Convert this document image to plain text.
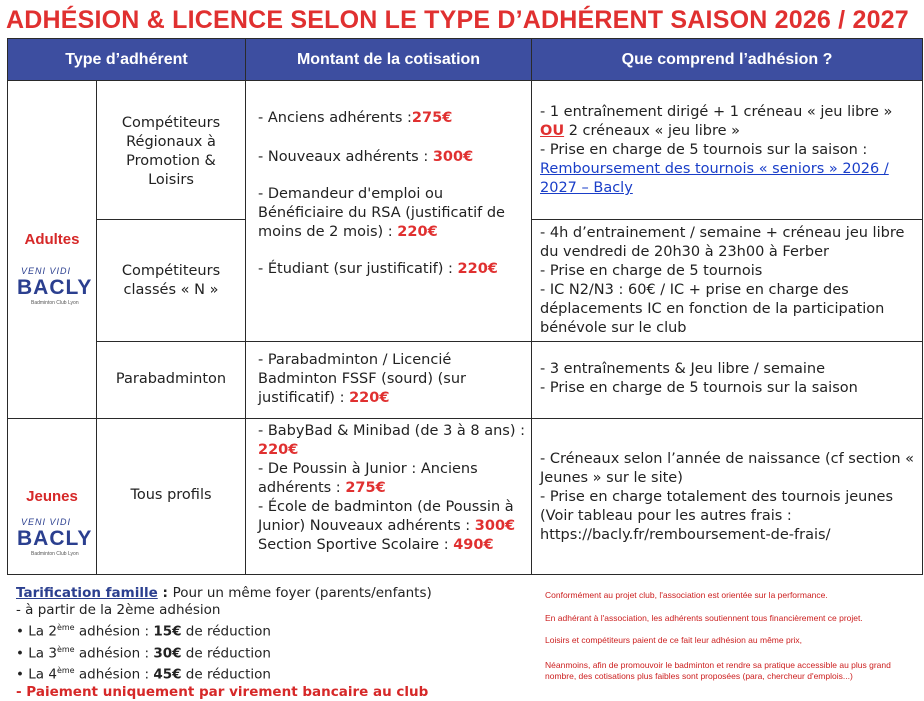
ADHÉSION & LICENCE SELON LE TYPE D’ADHÉRENT SAISON 2026 / 2027
Type d’adhérent	Montant de la cotisation	Que comprend l’adhésion ?
Adultes
VENI VIDI
BACLY
Badminton Club Lyon
Compétiteurs Régionaux à Promotion & Loisirs
Compétiteurs classés « N »
- Anciens adhérents :275€
- Nouveaux adhérents : 300€
- Demandeur d'emploi ou Bénéficiaire du RSA (justificatif de moins de 2 mois) : 220€
- Étudiant (sur justificatif) : 220€
- 1 entraînement dirigé + 1 créneau « jeu libre » OU 2 créneaux « jeu libre »
- Prise en charge de 5 tournois sur la saison :
Remboursement des tournois « seniors » 2026 / 2027 – Bacly
- 4h d’entrainement / semaine + créneau jeu libre du vendredi de 20h30 à 23h00 à Ferber
- Prise en charge de 5 tournois
- IC N2/N3 : 60€ / IC + prise en charge des déplacements IC en fonction de la participation bénévole sur le club
Parabadminton
- Parabadminton / Licencié Badminton FSSF (sourd) (sur justificatif) : 220€
- 3 entraînements & Jeu libre / semaine
- Prise en charge de 5 tournois sur la saison
Jeunes
VENI VIDI
BACLY
Badminton Club Lyon
Tous profils
- BabyBad & Minibad (de 3 à 8 ans) : 220€
- De Poussin à Junior : Anciens adhérents : 275€
- École de badminton (de Poussin à Junior) Nouveaux adhérents : 300€
Section Sportive Scolaire : 490€
- Créneaux selon l’année de naissance (cf section « Jeunes » sur le site)
- Prise en charge totalement des tournois jeunes (Voir tableau pour les autres frais : https://bacly.fr/remboursement-de-frais/
Tarification famille : Pour un même foyer (parents/enfants)
- à partir de la 2ème adhésion
• La 2ème adhésion : 15€ de réduction
• La 3ème adhésion : 30€ de réduction
• La 4ème adhésion : 45€ de réduction
- Paiement uniquement par virement bancaire au club
Conformément au projet club, l'association est orientée sur la performance.
En adhérant à l'association, les adhérents soutiennent tous financièrement ce projet.
Loisirs et compétiteurs paient de ce fait leur adhésion au même prix,
Néanmoins, afin de promouvoir le badminton et rendre sa pratique accessible au plus grand nombre, des cotisations plus faibles sont proposées (para, chercheur d'emplois...)
